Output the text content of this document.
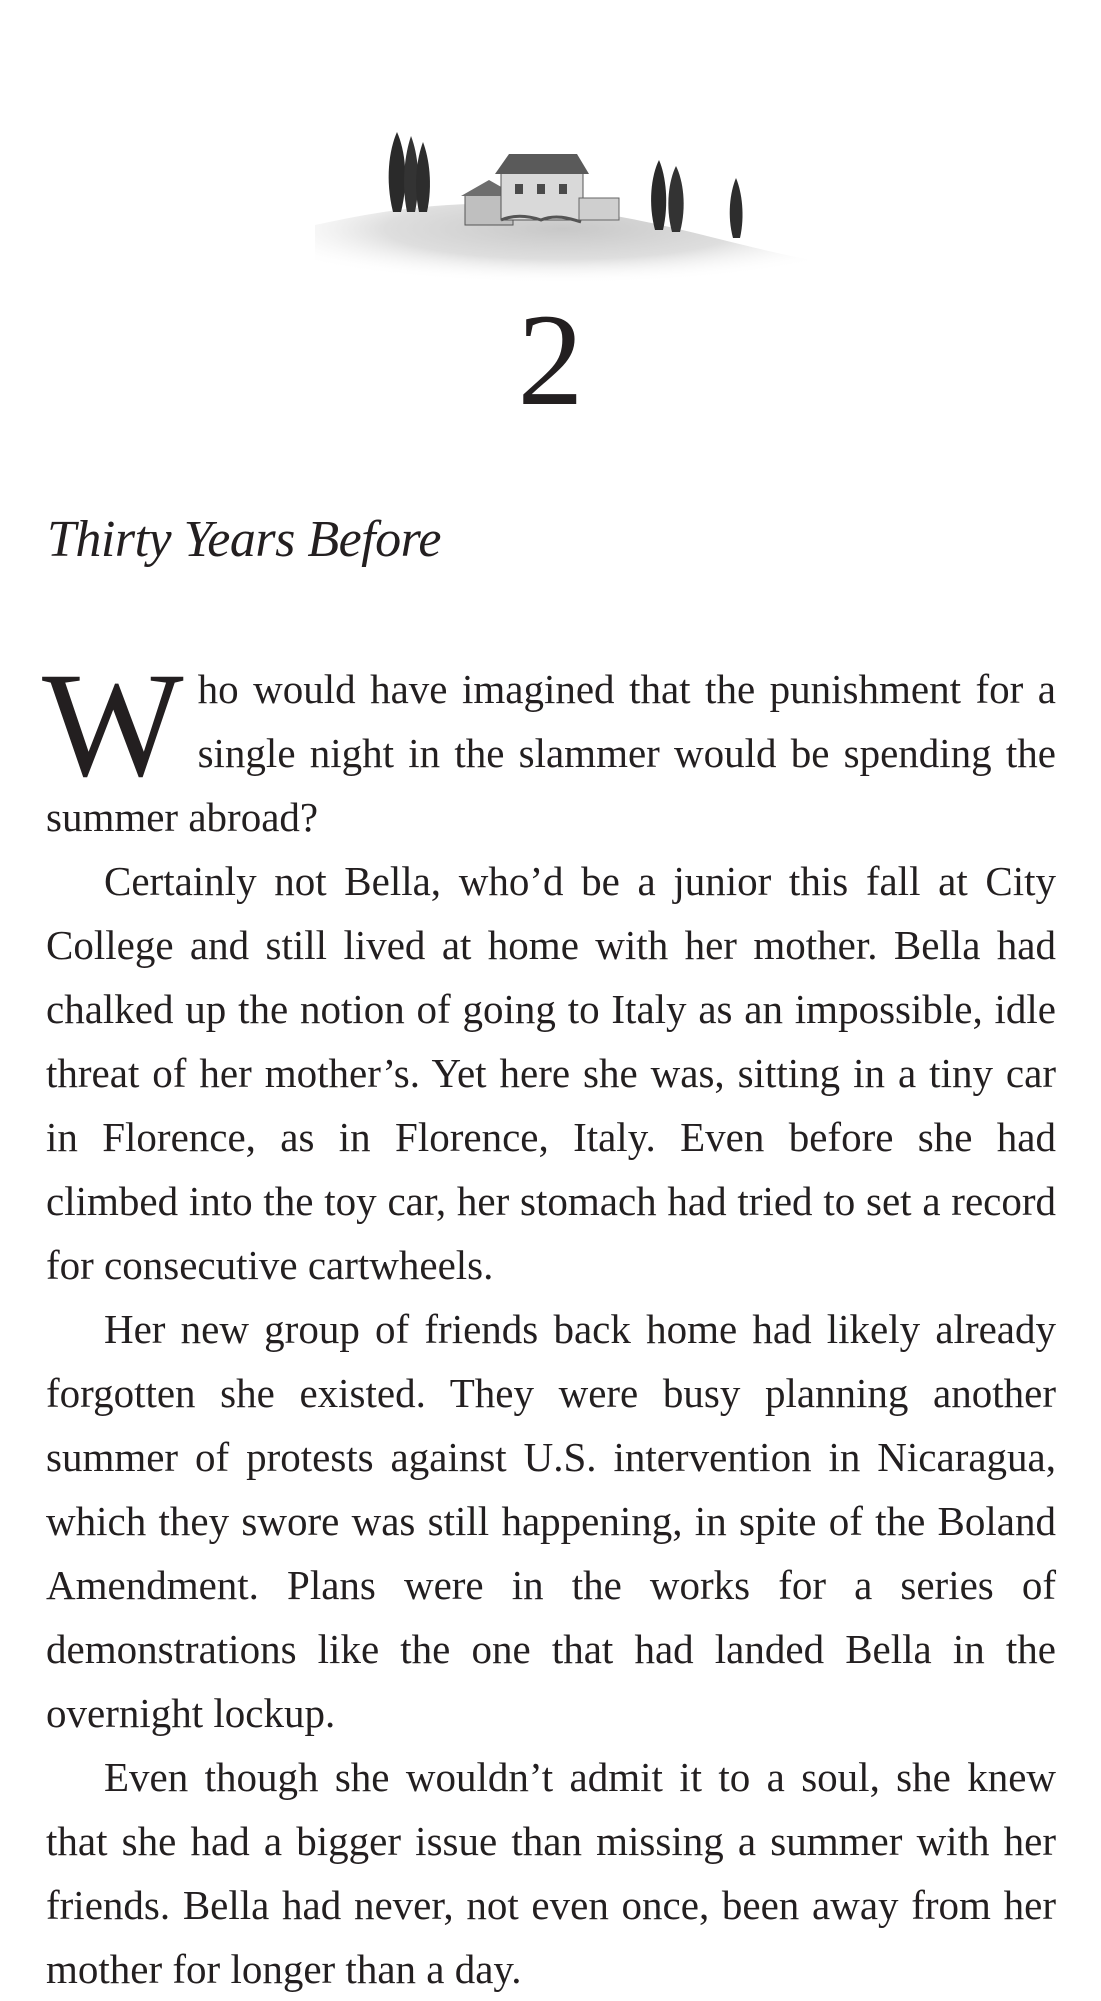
2
Thirty Years Before

Who would have imagined that the punishment for a single night in the slammer would be spending the summer abroad?

Certainly not Bella, who’d be a junior this fall at City College and still lived at home with her mother. Bella had chalked up the notion of going to Italy as an impossible, idle threat of her mother’s. Yet here she was, sitting in a tiny car in Florence, as in Florence, Italy. Even before she had climbed into the toy car, her stomach had tried to set a record for consecutive cartwheels.

Her new group of friends back home had likely already forgotten she existed. They were busy planning another summer of protests against U.S. intervention in Nicaragua, which they swore was still happening, in spite of the Boland Amendment. Plans were in the works for a series of demonstrations like the one that had landed Bella in the overnight lockup.

Even though she wouldn’t admit it to a soul, she knew that she had a bigger issue than missing a summer with her friends. Bella had never, not even once, been away from her mother for longer than a day.
